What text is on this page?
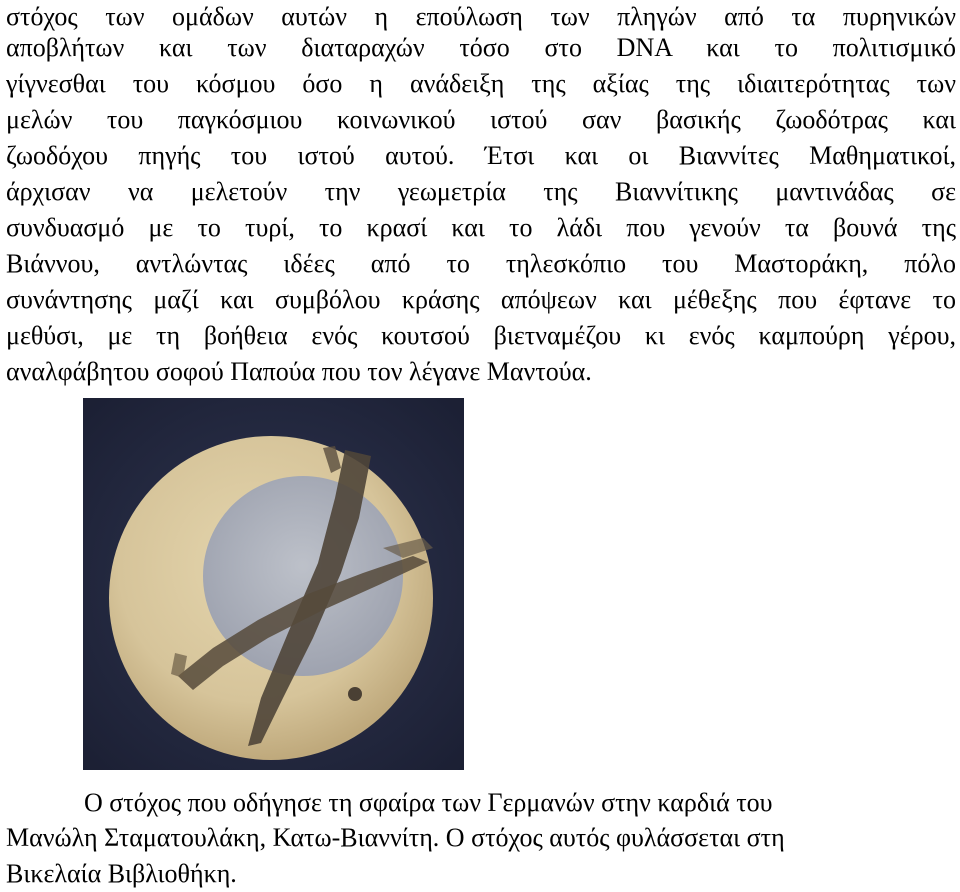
στόχος των ομάδων αυτών η επούλωση των πληγών από τα πυρηνικών
αποβλήτων και των διαταραχών τόσο στο DNA και το πολιτισμικό
γίγνεσθαι του κόσμου όσο η ανάδειξη της αξίας της ιδιαιτερότητας των
μελών του παγκόσμιου κοινωνικού ιστού σαν βασικής ζωοδότρας και
ζωοδόχου πηγής του ιστού αυτού. Έτσι και οι Βιαννίτες Μαθηματικοί,
άρχισαν να μελετούν την γεωμετρία της Βιαννίτικης μαντινάδας σε
συνδυασμό με το τυρί, το κρασί και το λάδι που γενούν τα βουνά της
Βιάννου, αντλώντας ιδέες από το τηλεσκόπιο του Μαστοράκη, πόλο
συνάντησης μαζί και συμβόλου κράσης απόψεων και μέθεξης που έφτανε το
μεθύσι, με τη βοήθεια ενός κουτσού βιετναμέζου κι ενός καμπούρη γέρου,
αναλφάβητου σοφού Παπούα που τον λέγανε Μαντούα.
Ο στόχος που οδήγησε τη σφαίρα των Γερμανών στην καρδιά του
Μανώλη Σταματουλάκη, Κατω-Βιαννίτη. Ο στόχος αυτός φυλάσσεται στη
Βικελαία Βιβλιοθήκη.
